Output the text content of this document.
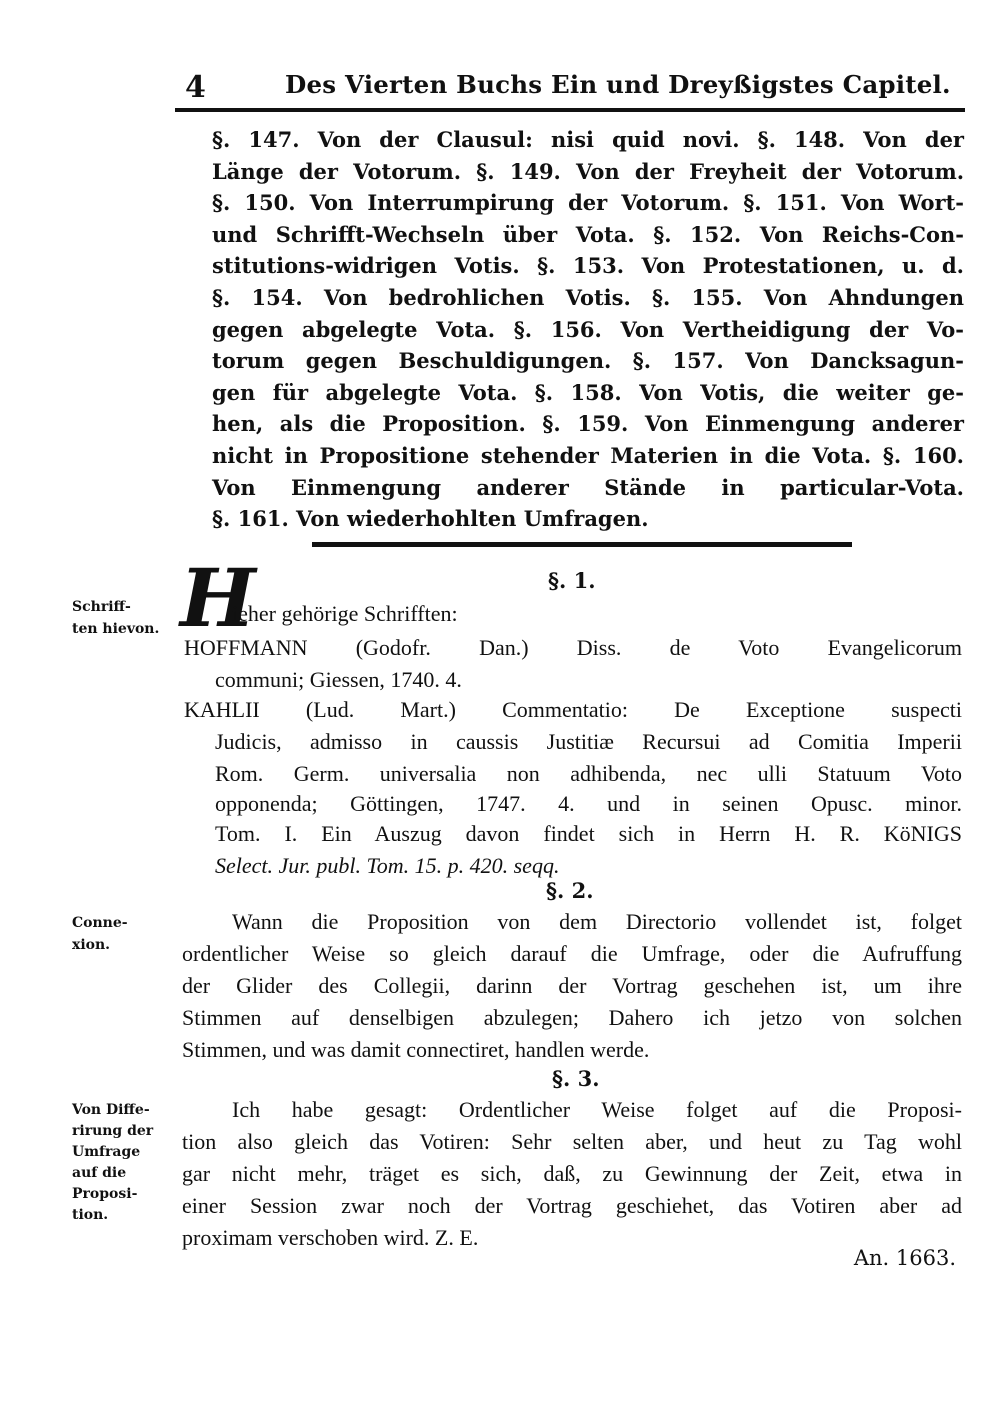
4	Des Vierten Buchs Ein und Dreyßigstes Capitel.
§. 147. Von der Clausul: nisi quid novi. §. 148. Von der
Länge der Votorum. §. 149. Von der Freyheit der Votorum.
§. 150. Von Interrumpirung der Votorum. §. 151. Von Wort-
und Schrifft-Wechseln über Vota. §. 152. Von Reichs-Con-
stitutions-widrigen Votis. §. 153. Von Protestationen, u. d.
§. 154. Von bedrohlichen Votis. §. 155. Von Ahndungen
gegen abgelegte Vota. §. 156. Von Vertheidigung der Vo-
torum gegen Beschuldigungen. §. 157. Von Dancksagun-
gen für abgelegte Vota. §. 158. Von Votis, die weiter ge-
hen, als die Proposition. §. 159. Von Einmengung anderer
nicht in Propositione stehender Materien in die Vota. §. 160.
Von Einmengung anderer Stände in particular-Vota.
§. 161. Von wiederhohlten Umfragen.
§. 1.
Schriff-
ten hievon. H
ieher gehörige Schrifften:
HOFFMANN (Godofr. Dan.) Diss. de Voto Evangelicorum
communi; Giessen, 1740. 4.
KAHLII (Lud. Mart.) Commentatio: De Exceptione suspecti
Judicis, admisso in caussis Justitiæ Recursui ad Comitia Imperii
Rom. Germ. universalia non adhibenda, nec ulli Statuum Voto
opponenda; Göttingen, 1747. 4. und in seinen Opusc. minor.
Tom. I. Ein Auszug davon findet sich in Herrn H. R. KöNIGS
Select. Jur. publ. Tom. 15. p. 420. seqq.
§. 2.
Conne-
xion.
Wann die Proposition von dem Directorio vollendet ist, folget
ordentlicher Weise so gleich darauf die Umfrage, oder die Aufruffung
der Glider des Collegii, darinn der Vortrag geschehen ist, um ihre
Stimmen auf denselbigen abzulegen; Dahero ich jetzo von solchen
Stimmen, und was damit connectiret, handlen werde.
§. 3.
Von Diffe-
rirung der
Umfrage
auf die
Proposi-
tion.
Ich habe gesagt: Ordentlicher Weise folget auf die Proposi-
tion also gleich das Votiren: Sehr selten aber, und heut zu Tag wohl
gar nicht mehr, träget es sich, daß, zu Gewinnung der Zeit, etwa in
einer Session zwar noch der Vortrag geschiehet, das Votiren aber ad
proximam verschoben wird. Z. E.
An. 1663.
